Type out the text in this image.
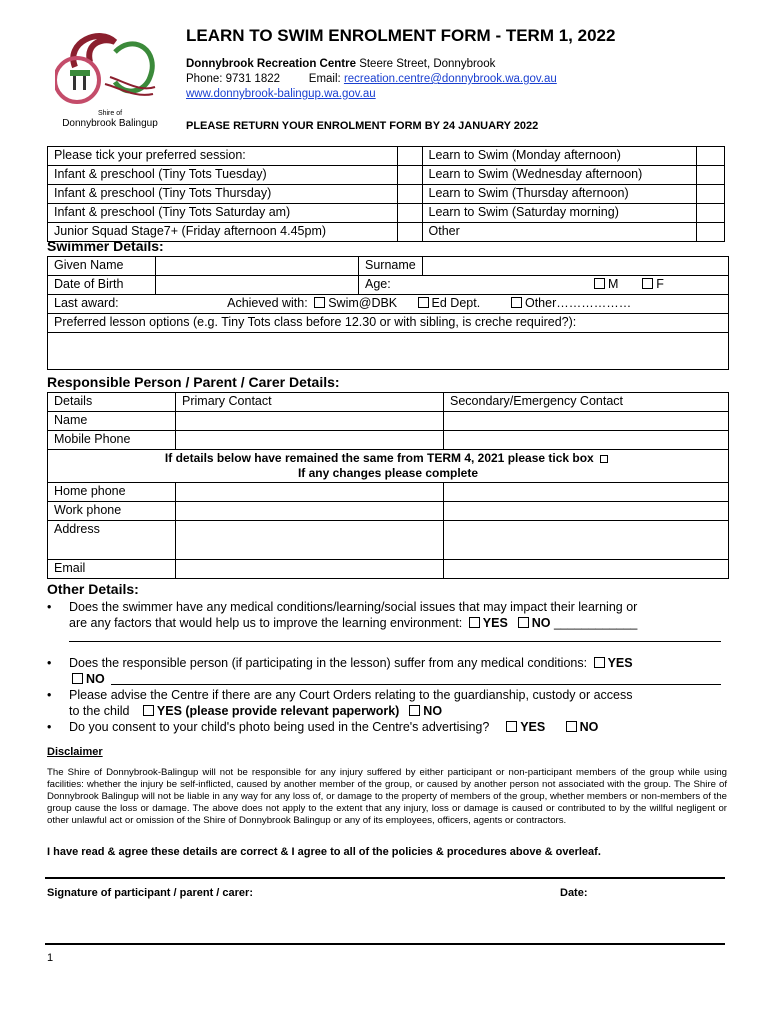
Shire of
Donnybrook Balingup
LEARN TO SWIM ENROLMENT FORM - TERM 1, 2022
Donnybrook Recreation Centre Steere Street, Donnybrook
Phone: 9731 1822	Email: recreation.centre@donnybrook.wa.gov.au
www.donnybrook-balingup.wa.gov.au
PLEASE RETURN YOUR ENROLMENT FORM BY 24 JANUARY 2022
Please tick your preferred session:		Learn to Swim (Monday afternoon)	
Infant & preschool (Tiny Tots Tuesday)		Learn to Swim (Wednesday afternoon)	
Infant & preschool (Tiny Tots Thursday)		Learn to Swim (Thursday afternoon)	
Infant & preschool (Tiny Tots Saturday am)		Learn to Swim (Saturday morning)	
Junior Squad Stage7+ (Friday afternoon 4.45pm)		Other	
Swimmer Details:
Given Name		Surname	
Date of Birth		Age: M F	

Last award: Achieved with: Swim@DBK Ed Dept. Other………………			
Preferred lesson options (e.g. Tiny Tots class before 12.30 or with sibling, is creche required?):			

Responsible Person / Parent / Carer Details:
Details	Primary Contact	Secondary/Emergency Contact
Name		
Mobile Phone		

If details below have remained the same from TERM 4, 2021 please tick box
If any changes please complete		

Home phone		
Work phone		
Address		
Email		
Other Details:
• Does the swimmer have any medical conditions/learning/social issues that may impact their learning or
are any factors that would help us to improve the learning environment: YES NO ____________
• Does the responsible person (if participating in the lesson) suffer from any medical conditions: YES
NO
• Please advise the Centre if there are any Court Orders relating to the guardianship, custody or access
to the child YES (please provide relevant paperwork) NO
• Do you consent to your child's photo being used in the Centre's advertising? YES	NO
Disclaimer
The Shire of Donnybrook-Balingup will not be responsible for any injury suffered by either participant or non-participant members of the group while using facilities: whether the injury be self-inflicted, caused by another member of the group, or caused by another person not associated with the group. The Shire of Donnybrook Balingup will not be liable in any way for any loss of, or damage to the property of members of the group, whether members or non-members of the group cause the loss or damage. The above does not apply to the extent that any injury, loss or damage is caused or contributed to by the willful negligent or other unlawful act or omission of the Shire of Donnybrook Balingup or any of its employees, officers, agents or contractors.
I have read & agree these details are correct & I agree to all of the policies & procedures above & overleaf.
Signature of participant / parent / carer:	Date:
1
